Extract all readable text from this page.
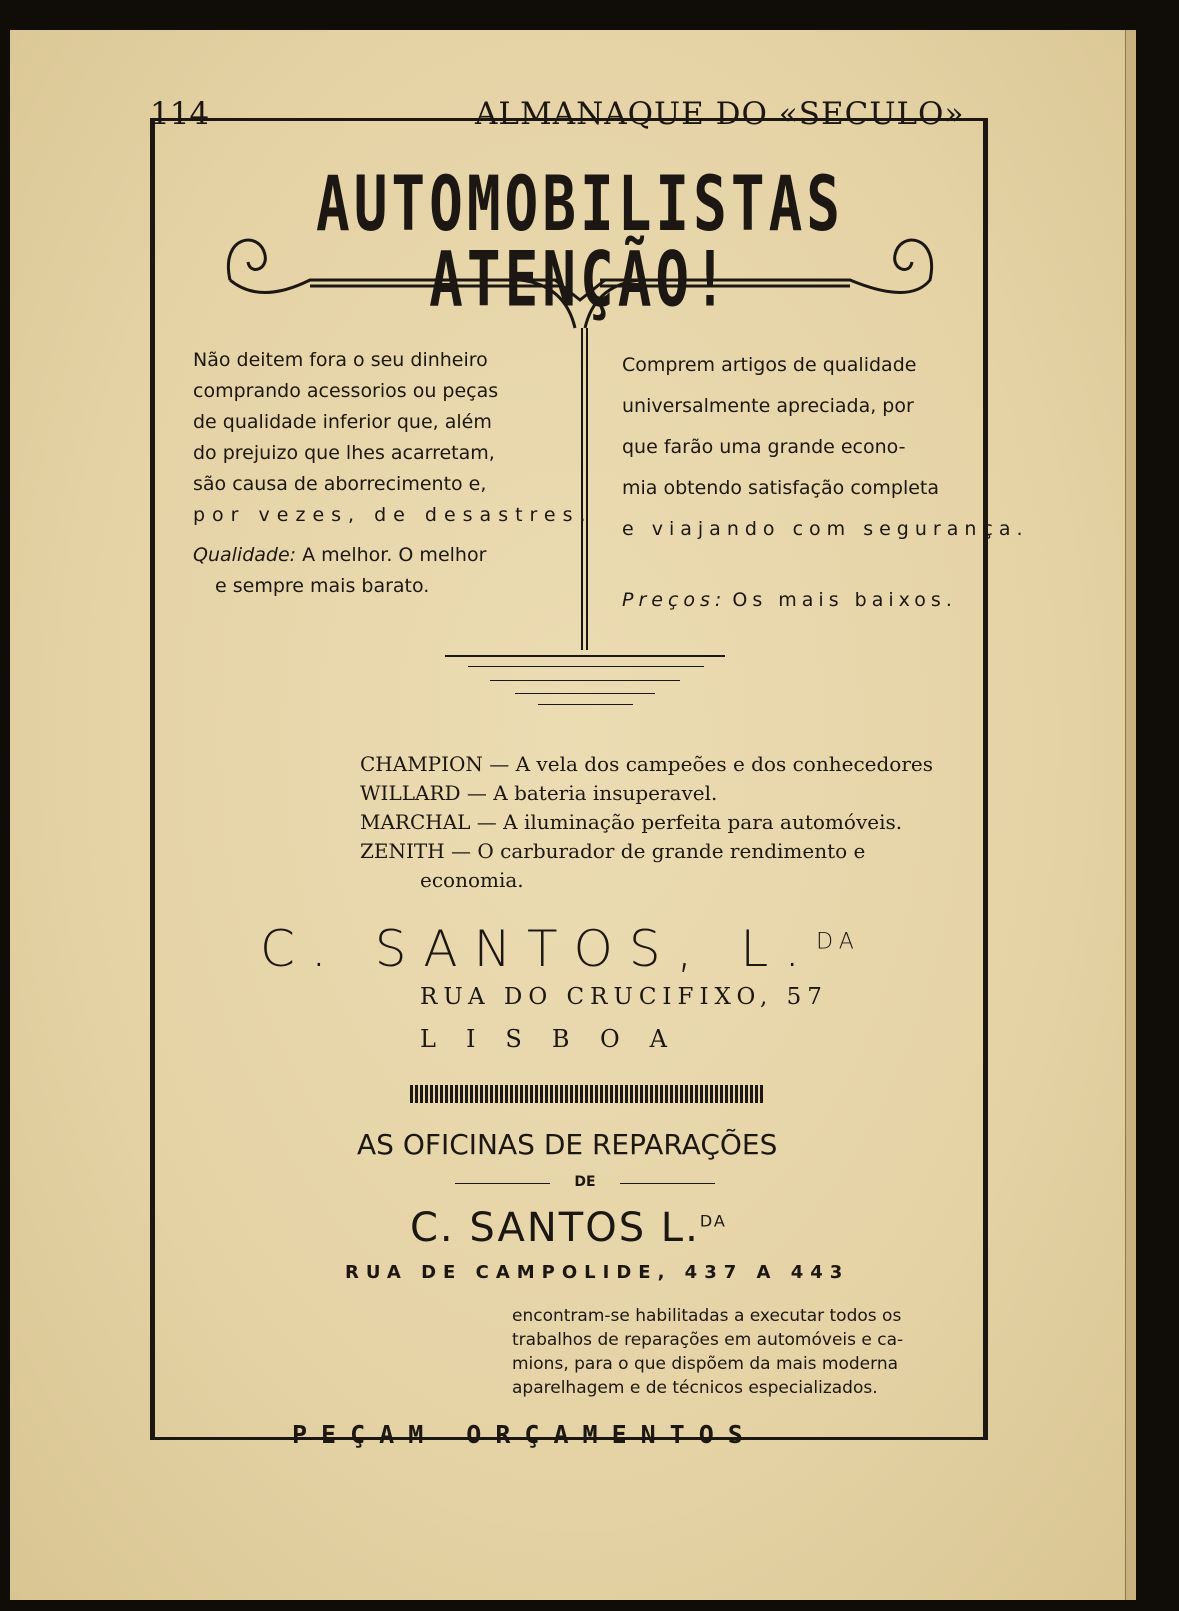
114	ALMANAQUE DO «SECULO»
AUTOMOBILISTAS ATENÇÃO!
Não deitem fora o seu dinheiro
comprando acessorios ou peças
de qualidade inferior que, além
do prejuizo que lhes acarretam,
são causa de aborrecimento e,
por vezes, de desastres.
Qualidade: A melhor. O melhor
e sempre mais barato.
Comprem artigos de qualidade
universalmente apreciada, por
que farão uma grande econo-
mia obtendo satisfação completa
e viajando com segurança.
Preços: Os mais baixos.
CHAMPION — A vela dos campeões e dos conhecedores
WILLARD — A bateria insuperavel.
MARCHAL — A iluminação perfeita para automóveis.
ZENITH — O carburador de grande rendimento e
economia.
C. SANTOS, L.$^{DA}$
RUA DO CRUCIFIXO, 57
LISBOA
AS OFICINAS DE REPARAÇÕES
DE
C. SANTOS L.$^{DA}$
RUA DE CAMPOLIDE, 437 A 443
encontram-se habilitadas a executar todos os
trabalhos de reparações em automóveis e ca-
mions, para o que dispõem da mais moderna
aparelhagem e de técnicos especializados.
PEÇAM ORÇAMENTOS
